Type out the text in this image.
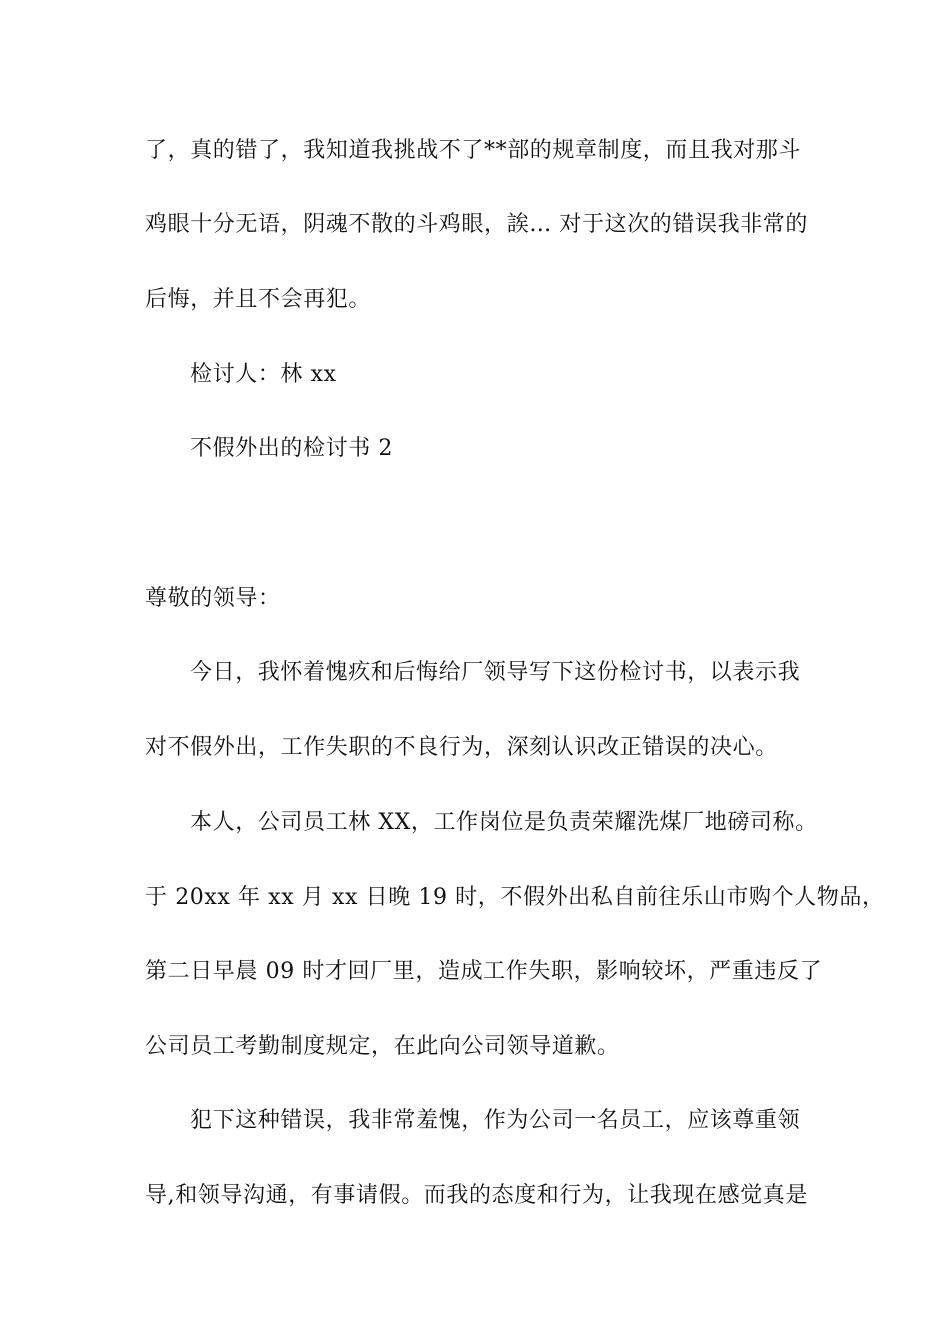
了，真的错了，我知道我挑战不了**部的规章制度，而且我对那斗
鸡眼十分无语，阴魂不散的斗鸡眼，誒… 对于这次的错误我非常的
后悔，并且不会再犯。
检讨人：林 xx
不假外出的检讨书 2
尊敬的领导：
今日，我怀着愧疚和后悔给厂领导写下这份检讨书，以表示我
对不假外出，工作失职的不良行为，深刻认识改正错误的决心。
本人，公司员工林 XX，工作岗位是负责荣耀洗煤厂地磅司称。
于 20xx 年 xx 月 xx 日晚 19 时，不假外出私自前往乐山市购个人物品，
第二日早晨 09 时才回厂里，造成工作失职，影响较坏，严重违反了
公司员工考勤制度规定，在此向公司领导道歉。
犯下这种错误，我非常羞愧，作为公司一名员工，应该尊重领
导,和领导沟通，有事请假。而我的态度和行为，让我现在感觉真是
